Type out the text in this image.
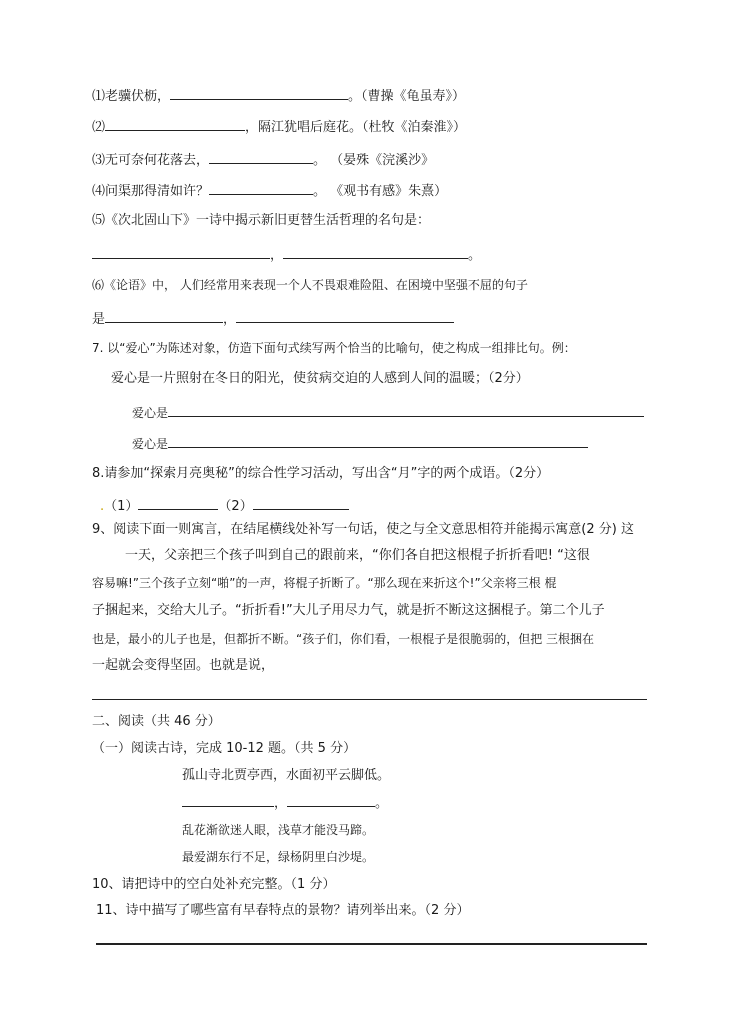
⑴老骥伏枥，	。（曹操《龟虽寿》）
⑵	，隔江犹唱后庭花。（杜牧《泊秦淮》）
⑶无可奈何花落去，	。 （晏殊《浣溪沙》
⑷问渠那得清如许？	。 《观书有感》朱熹）
⑸《次北固山下》一诗中揭示新旧更替生活哲理的名句是：
，	。
⑹《论语》中， 人们经常用来表现一个人不畏艰难险阻、在困境中坚强不屈的句子
是	，
7. 以“爱心”为陈述对象，仿造下面句式续写两个恰当的比喻句，使之构成一组排比句。例：
爱心是一片照射在冬日的阳光，使贫病交迫的人感到人间的温暖；（2分）
爱心是
爱心是
8.请参加“探索月亮奥秘”的综合性学习活动，写出含“月”字的两个成语。（2分）
.（1）	（2）
9、阅读下面一则寓言，在结尾横线处补写一句话，使之与全文意思相符并能揭示寓意(2 分) 这
一天，父亲把三个孩子叫到自己的跟前来，“你们各自把这根棍子折折看吧! “这很
容易嘛!”三个孩子立刻“啪”的一声，将棍子折断了。“那么现在来折这个!”父亲将三根 棍
子捆起来，交给大儿子。“折折看!”大儿子用尽力气，就是折不断这这捆棍子。第二个儿子
也是，最小的儿子也是，但都折不断。“孩子们，你们看，一根棍子是很脆弱的，但把 三根捆在
一起就会变得坚固。也就是说，
二、阅读（共 46 分）
（一）阅读古诗，完成 10-12 题。（共 5 分）
孤山寺北贾亭西，水面初平云脚低。
，	。
乱花渐欲迷人眼，浅草才能没马蹄。
最爱湖东行不足，绿杨阴里白沙堤。
10、请把诗中的空白处补充完整。（1 分）
11、诗中描写了哪些富有早春特点的景物？请列举出来。（2 分）
